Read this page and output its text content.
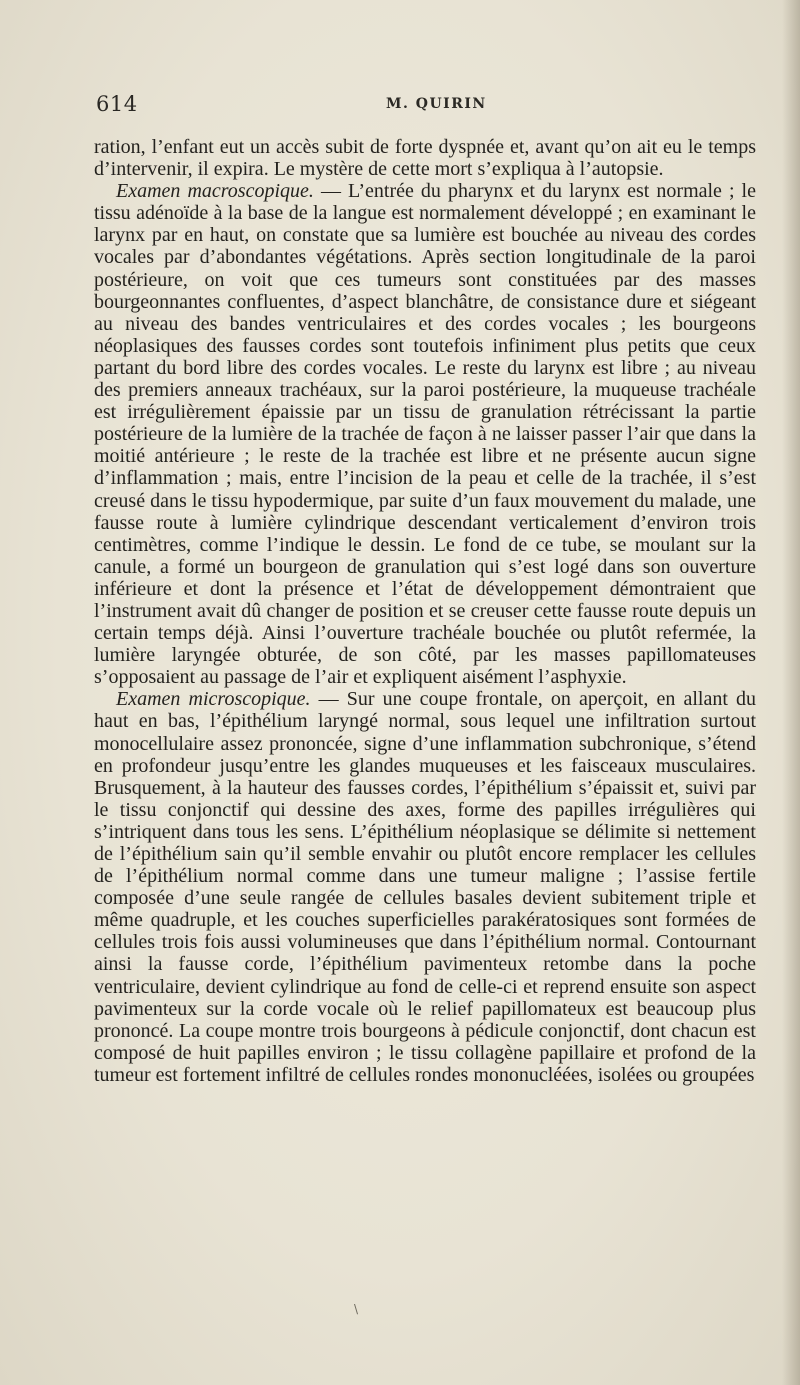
614	M. QUIRIN

ration, l’enfant eut un accès subit de forte dyspnée et, avant qu’on ait eu le temps d’intervenir, il expira. Le mystère de cette mort s’expliqua à l’autopsie.

Examen macroscopique. — L’entrée du pharynx et du larynx est normale ; le tissu adénoïde à la base de la langue est normalement développé ; en examinant le larynx par en haut, on constate que sa lumière est bouchée au niveau des cordes vocales par d’abondantes végétations. Après section longitudinale de la paroi postérieure, on voit que ces tumeurs sont constituées par des masses bourgeonnantes confluentes, d’aspect blanchâtre, de consistance dure et siégeant au niveau des bandes ventriculaires et des cordes vocales ; les bourgeons néoplasiques des fausses cordes sont toutefois infiniment plus petits que ceux partant du bord libre des cordes vocales. Le reste du larynx est libre ; au niveau des premiers anneaux trachéaux, sur la paroi postérieure, la muqueuse trachéale est irrégulièrement épaissie par un tissu de granulation rétrécissant la partie postérieure de la lumière de la trachée de façon à ne laisser passer l’air que dans la moitié antérieure ; le reste de la trachée est libre et ne présente aucun signe d’inflammation ; mais, entre l’incision de la peau et celle de la trachée, il s’est creusé dans le tissu hypodermique, par suite d’un faux mouvement du malade, une fausse route à lumière cylindrique descendant verticalement d’environ trois centimètres, comme l’indique le dessin. Le fond de ce tube, se moulant sur la canule, a formé un bourgeon de granulation qui s’est logé dans son ouverture inférieure et dont la présence et l’état de développement démontraient que l’instrument avait dû changer de position et se creuser cette fausse route depuis un certain temps déjà. Ainsi l’ouverture trachéale bouchée ou plutôt refermée, la lumière laryngée obturée, de son côté, par les masses papillomateuses s’opposaient au passage de l’air et expliquent aisément l’asphyxie.

Examen microscopique. — Sur une coupe frontale, on aperçoit, en allant du haut en bas, l’épithélium laryngé normal, sous lequel une infiltration surtout monocellulaire assez prononcée, signe d’une inflammation subchronique, s’étend en profondeur jusqu’entre les glandes muqueuses et les faisceaux musculaires. Brusquement, à la hauteur des fausses cordes, l’épithélium s’épaissit et, suivi par le tissu conjonctif qui dessine des axes, forme des papilles irrégulières qui s’intriquent dans tous les sens. L’épithélium néoplasique se délimite si nettement de l’épithélium sain qu’il semble envahir ou plutôt encore remplacer les cellules de l’épithélium normal comme dans une tumeur maligne ; l’assise fertile composée d’une seule rangée de cellules basales devient subitement triple et même quadruple, et les couches superficielles parakératosiques sont formées de cellules trois fois aussi volumineuses que dans l’épithélium normal. Contournant ainsi la fausse corde, l’épithélium pavimenteux retombe dans la poche ventriculaire, devient cylindrique au fond de celle-ci et reprend ensuite son aspect pavimenteux sur la corde vocale où le relief papillomateux est beaucoup plus prononcé. La coupe montre trois bourgeons à pédicule conjonctif, dont chacun est composé de huit papilles environ ; le tissu collagène papillaire et profond de la tumeur est fortement infiltré de cellules rondes mononucléées, isolées ou groupées

\
